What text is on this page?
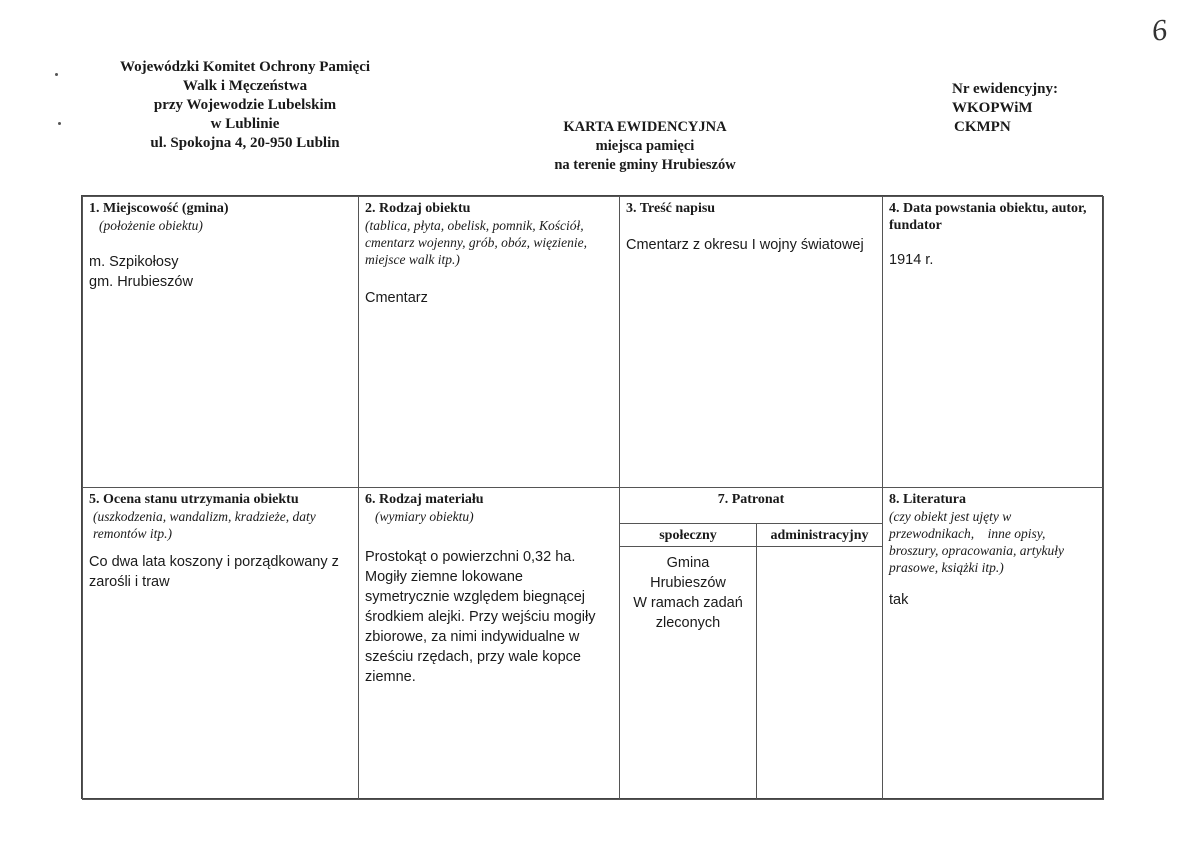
6
Wojewódzki Komitet Ochrony Pamięci
Walk i Męczeństwa
przy Wojewodzie Lubelskim
w Lublinie
ul. Spokojna 4, 20-950 Lublin
KARTA EWIDENCYJNA
miejsca pamięci
na terenie gminy Hrubieszów
Nr ewidencyjny:
WKOPWiM
CKMPN
1. Miejscowość (gmina)
(położenie obiektu)
m. Szpikołosy
gm. Hrubieszów
2. Rodzaj obiektu
(tablica, płyta, obelisk, pomnik, Kościół, cmentarz wojenny, grób, obóz, więzienie, miejsce walk itp.)
Cmentarz
3. Treść napisu
Cmentarz z okresu I wojny światowej
4. Data powstania obiektu, autor, fundator
1914 r.
5. Ocena stanu utrzymania obiektu
(uszkodzenia, wandalizm, kradzieże, daty remontów itp.)
Co dwa lata koszony i porządkowany z zarośli i traw
6. Rodzaj materiału
(wymiary obiektu)
Prostokąt o powierzchni 0,32 ha. Mogiły ziemne lokowane symetrycznie względem biegnącej środkiem alejki. Przy wejściu mogiły zbiorowe, za nimi indywidualne w sześciu rzędach, przy wale kopce ziemne.
7. Patronat
społeczny	administracyjny
Gmina
Hrubieszów
W ramach zadań
zleconych
8. Literatura
(czy obiekt jest ujęty w przewodnikach,    inne opisy, broszury, opracowania, artykuły prasowe, książki itp.)
tak
